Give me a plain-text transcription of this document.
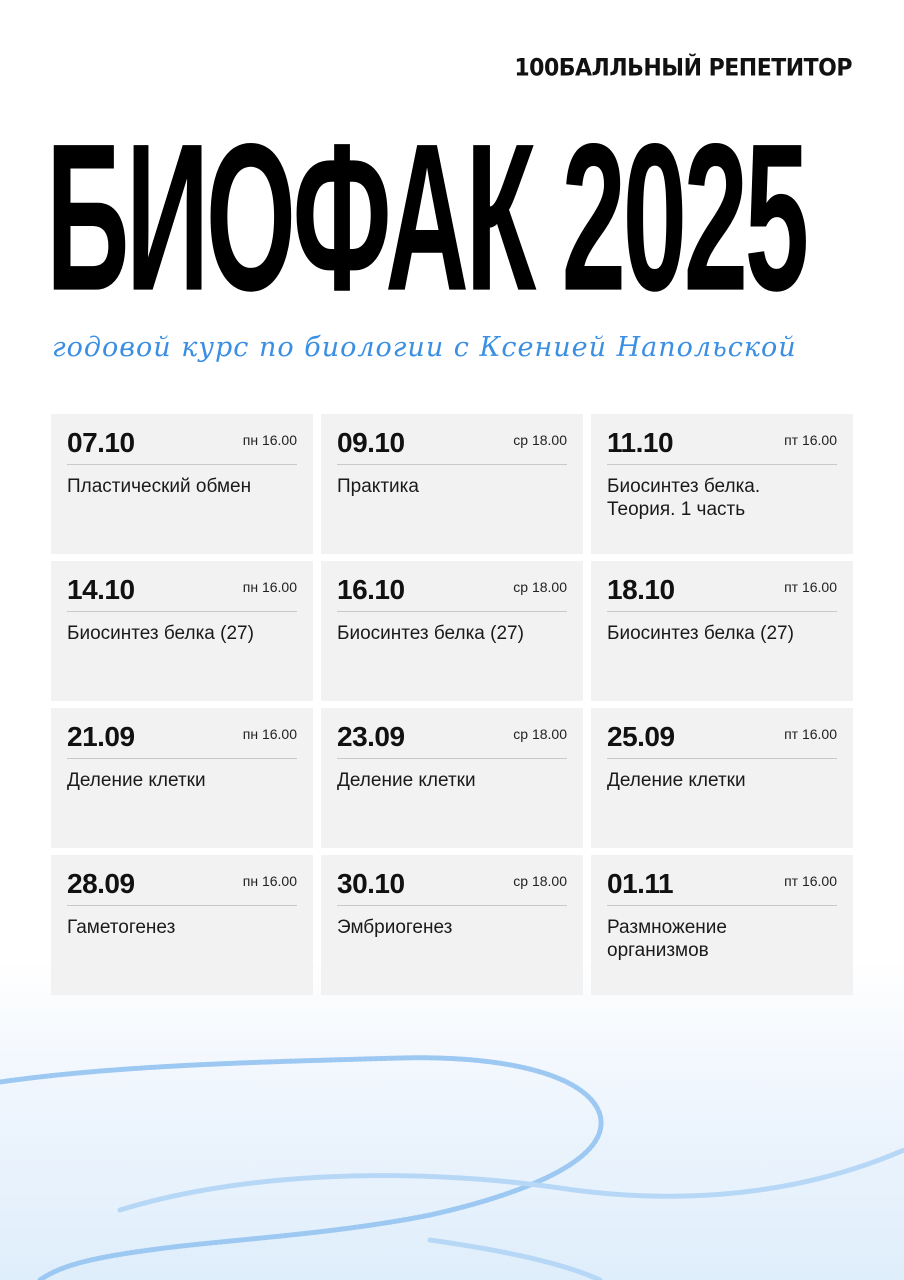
100БАЛЛЬНЫЙ РЕПЕТИТОР
БИОФАК 2025
годовой курс по биологии с Ксенией Напольской
07.10	пн 16.00
Пластический обмен
09.10	ср 18.00
Практика
11.10	пт 16.00
Биосинтез белка.
Теория. 1 часть
14.10	пн 16.00
Биосинтез белка (27)
16.10	ср 18.00
Биосинтез белка (27)
18.10	пт 16.00
Биосинтез белка (27)
21.09	пн 16.00
Деление клетки
23.09	ср 18.00
Деление клетки
25.09	пт 16.00
Деление клетки
28.09	пн 16.00
Гаметогенез
30.10	ср 18.00
Эмбриогенез
01.11	пт 16.00
Размножение
организмов
